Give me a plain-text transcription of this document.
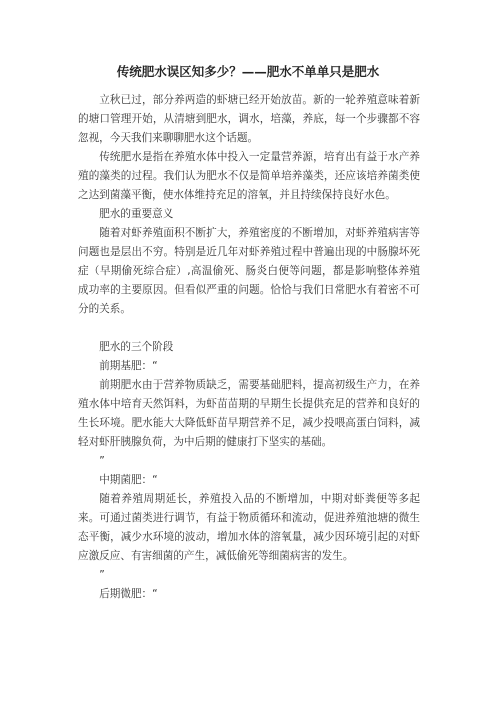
传统肥水误区知多少？——肥水不单单只是肥水

立秋已过，部分养两造的虾塘已经开始放苗。新的一轮养殖意味着新的塘口管理开始，从清塘到肥水，调水，培藻，养底，每一个步骤都不容忽视，今天我们来聊聊肥水这个话题。

传统肥水是指在养殖水体中投入一定量营养源，培育出有益于水产养殖的藻类的过程。我们认为肥水不仅是简单培养藻类，还应该培养菌类使之达到菌藻平衡，使水体维持充足的溶氧，并且持续保持良好水色。

肥水的重要意义

随着对虾养殖面积不断扩大，养殖密度的不断增加，对虾养殖病害等问题也是层出不穷。特别是近几年对虾养殖过程中普遍出现的中肠腺坏死症（早期偷死综合症）,高温偷死、肠炎白便等问题，都是影响整体养殖成功率的主要原因。但看似严重的问题。恰恰与我们日常肥水有着密不可分的关系。

肥水的三个阶段

前期基肥：“

前期肥水由于营养物质缺乏，需要基础肥料，提高初级生产力，在养殖水体中培育天然饵料，为虾苗苗期的早期生长提供充足的营养和良好的生长环境。肥水能大大降低虾苗早期营养不足，减少投喂高蛋白饲料，减轻对虾肝胰腺负荷，为中后期的健康打下坚实的基础。

”

中期菌肥：“

随着养殖周期延长，养殖投入品的不断增加，中期对虾粪便等多起来。可通过菌类进行调节，有益于物质循环和流动，促进养殖池塘的微生态平衡，减少水环境的波动，增加水体的溶氧量，减少因环境引起的对虾应激反应、有害细菌的产生，减低偷死等细菌病害的发生。

”

后期微肥：“
